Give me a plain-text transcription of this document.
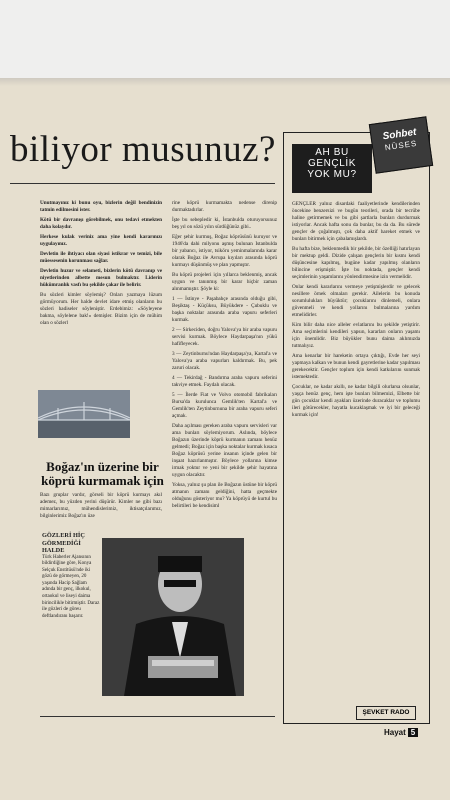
biliyor musunuz?

Unutmayınız ki bunu oyu, bizlerin değil bendinizin tatmin edilmesini ister.

Kötü bir davranışı görebilmek, onu tedavi etmekten daha kolaydır.

Herkese kulak veriniz ama yine kendi kararınızı uygulayınız.

Devletin ile ihtiyacı olan siyasi istikrar ve temizi, bile müessesenin korunması sağlar.

Devletin huzur ve selameti, bizlerin kötü davranıp ve niyetlerinden albette mesun bulmaktır. Liderin hükümranlık vasfı bu şekilde çakar ile belirir.

Bu sözleri kimler söylemiş? Onları yazmaya lüzum görmüyorum. Her halde devlet idare etmiş olanların bu sözleri hadiseler söyleniştir. Erdebimiz: «Söyleyene bakma, söylelene bak!» demişler. Bizim için de mühim olan o sözlerl

Boğaz'ın üzerine bir köprü kurmamak için
Bazı gruplar vardır, görseli bir köprü kurmayı akıl ademez, bu yüzden yerini düşürür. Kimler ne gibi bazı mimarlarımız, mühendislerimiz, iktisatçılarımız, bilginlerimiz Boğaz'ın üze

rine köprü kurmamakta nedense direnip durmaktadırlar.

İşte bu sebepledir ki, İstanbulda oturuyorsunuz beş yıl on sözü yılın sürdüğünüz gibi..

Eğer şehir kurmuş, Boğaz köprüsünü kuruyor ve 1946'da dahi milyonu aşmış bulunan Istanbulda bir yabancı, istiyor, tsiköru yeminmalarında karar olarak Boğaz ile Avrupa kıyıları arasında köprü kurmayı düşünmüş ve plan yapmıştır.

Bu köprü projeleri için yıllarca beklenmiş, ancak uygun ve tanınmış bir karar hiçbir zaman alınmamıştır. Şöyle ki:

1 — İstinye - Paşabahçe arasında olduğu gibi, Beşiktaş - Küçüksu, Büyükdere - Çubuklu ve başka noktalar arasında araba vapuru seferleri kurmak.

2 — Sirkeciden, doğru Yalova'ya bir araba vapuru servisi kurmak. Böylece Haydarpaşa'nın yükü hafifleyecek.

3 — Zeytinburnu'ndan Haydarpaşa'ya, Kartal'a ve Yalova'ya araba vapurları kaldırmak. Bu, pek zaruri olacak.

4 — Tekirdağ - Bandırma araba vapuru seferini takviye etmek. Faydalı olacak.

5 — İlerde Fiat ve Volvo otomobil fabrikaları Bursa'da kurulunca Gemlik'ten Kartal'a ve Gemlik'ten Zeytinburnuna bir araba vapuru seferi açmak.

Daha açılması gereken araba vapuru servisleri var ama bunları söylemiyorum. Aslında, böylece Boğazın üzerinde köprü kurmanın zamanı henüz gelmedi; Boğaz için başka noktalar kurmak kısaca Boğaz köprüsü yerine insanın içinde gelen bir inşaat hazırlanmıştır. Böylece yollarına kimse irmak yoktur ve yeni bir şekilde şehir hayatına uygun olacaktır.

Yoksa, yalnız şu plan ile Boğazın üstüne bir köprü atmanın zamanı geldiğini, hatta geçmekte olduğunu gösteriyor mu? Ya köprüyü de kurtul bu belirtileri be kendisiml

GÖZLERİ HİÇ GÖRMEDİĞİ HALDE
Türk Haberler Ajansının bildirdiğine göre, Konya Selçuk Enstitüsü'nde iki gözü de görmeyen, 20 yaşında Hacip Sağlam adında bir genç, ilkokul, ortaokul ve liseyi daima birincilikle bitirmiştir. Daraz ile gözleri de göreu deftlandıranı başarır.
AH BU
GENÇLİK
YOK MU?

GENÇLER yalnız disardaki faaliyetlerinde kendilerinden öncekine benzersizi ve bugün teorileri, orada bir tecrübe haline getirmemek ve bu gibi şartlarla bunları durdurmak istiyorlar. Ancak hafta sonu da bunlar, bu da da. Bu sürede gençler de çoğalmıştı, çok daha aktif hareket etmek ve bunları bitirmek için çabalamışlardı.

Bu hafta bize, beklenmedik bir şekilde, bir özelliği hatırlayan bir mektup geldi. Dizide çalışan gençlerin bir kısmı kendi düşüncesine kapılmış, bugüne kadar yapılmış olanların bilincine erişmiştir. İşte bu noktada, gençler kendi seçimlerinin yaşamlarını yönlendirmesine izin vermelidir.

Onlar kendi kararlarını vermeye yetişmişlerdir ve gelecek nesillere örnek olmaları gerekir. Ailelerin bu konuda sorumlulukları büyüktür; çocuklarını dinlemeli, onlara güvenmeli ve kendi yollarını bulmalarına yardım etmelidirler.

Kim bilir daha nice alleler evlatlarını bu şekilde yetiştirir. Ama seçimlerini kendileri yapsın, kararları onların yaşamı için önemlidir. Biz büyükler bunu daima aklımızda tutmalıyız.

Ama kenarlar bir hareketin ortaya çıktığı, Evde her seyi yapmaya kalkan ve bunun kendi gayretlerine kadar yapılması gerekecektir. Gençler toplum için kendi katkılarını sunmak istemektedir.

Çocuklar, ne kadar akıllı, ne kadar bilgili olurlarsa olsunlar, yaşça henüz genç, hem işte bunları bilmemizi, Elbette bir gün çocuklar kendi ayakları üzerinde duracaklar ve toplumu ileri götürecekler, hayatla kucaklaşmak ve iyi bir geleceği kurmak için!

Sohbet
NÜSES
ŞEVKET RADO
Hayat 5
